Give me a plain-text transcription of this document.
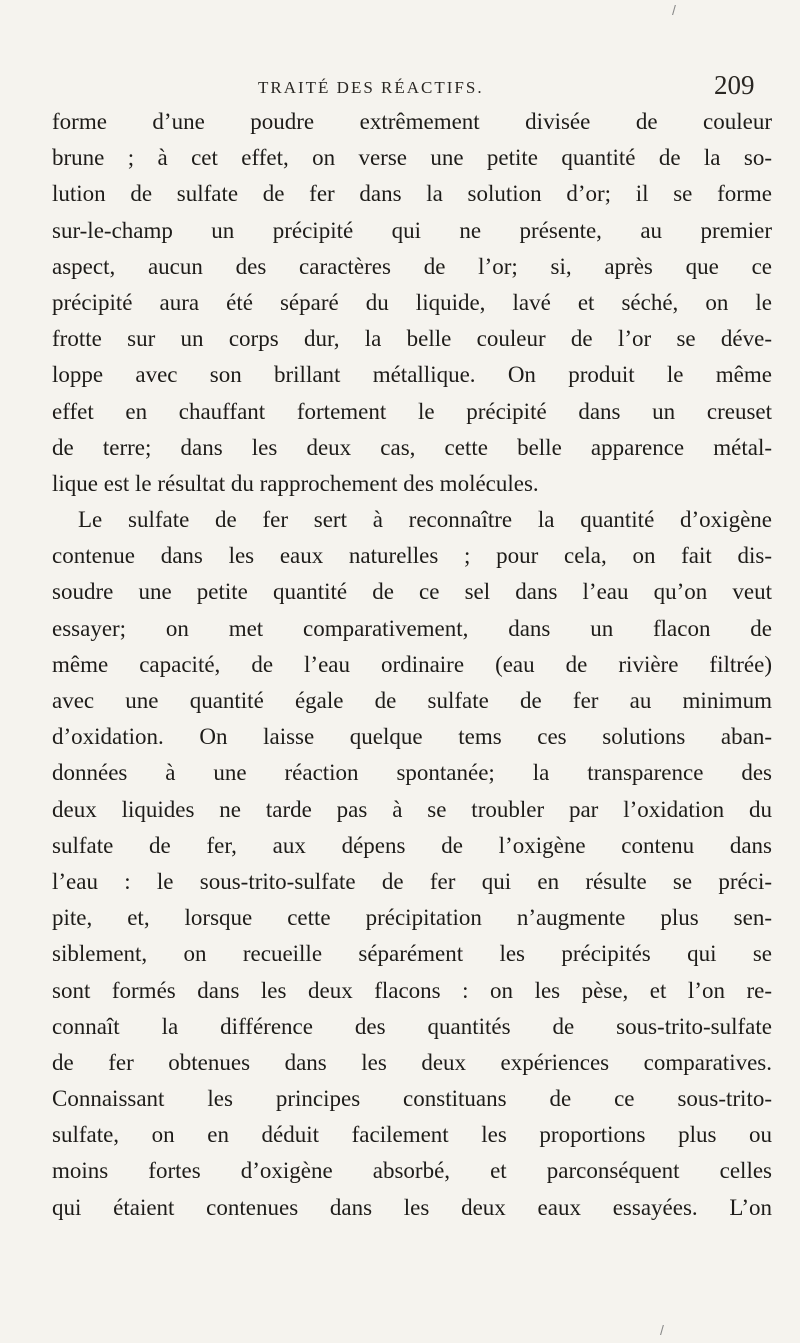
/
TRAITÉ DES RÉACTIFS.	209
forme d’une poudre extrêmement divisée de couleur
brune ; à cet effet, on verse une petite quantité de la so-
lution de sulfate de fer dans la solution d’or; il se forme
sur-le-champ un précipité qui ne présente, au premier
aspect, aucun des caractères de l’or; si, après que ce
précipité aura été séparé du liquide, lavé et séché, on le
frotte sur un corps dur, la belle couleur de l’or se déve-
loppe avec son brillant métallique. On produit le même
effet en chauffant fortement le précipité dans un creuset
de terre; dans les deux cas, cette belle apparence métal-
lique est le résultat du rapprochement des molécules.
Le sulfate de fer sert à reconnaître la quantité d’oxigène
contenue dans les eaux naturelles ; pour cela, on fait dis-
soudre une petite quantité de ce sel dans l’eau qu’on veut
essayer; on met comparativement, dans un flacon de
même capacité, de l’eau ordinaire (eau de rivière filtrée)
avec une quantité égale de sulfate de fer au minimum
d’oxidation. On laisse quelque tems ces solutions aban-
données à une réaction spontanée; la transparence des
deux liquides ne tarde pas à se troubler par l’oxidation du
sulfate de fer, aux dépens de l’oxigène contenu dans
l’eau : le sous-trito-sulfate de fer qui en résulte se préci-
pite, et, lorsque cette précipitation n’augmente plus sen-
siblement, on recueille séparément les précipités qui se
sont formés dans les deux flacons : on les pèse, et l’on re-
connaît la différence des quantités de sous-trito-sulfate
de fer obtenues dans les deux expériences comparatives.
Connaissant les principes constituans de ce sous-trito-
sulfate, on en déduit facilement les proportions plus ou
moins fortes d’oxigène absorbé, et parconséquent celles
qui étaient contenues dans les deux eaux essayées. L’on
/
